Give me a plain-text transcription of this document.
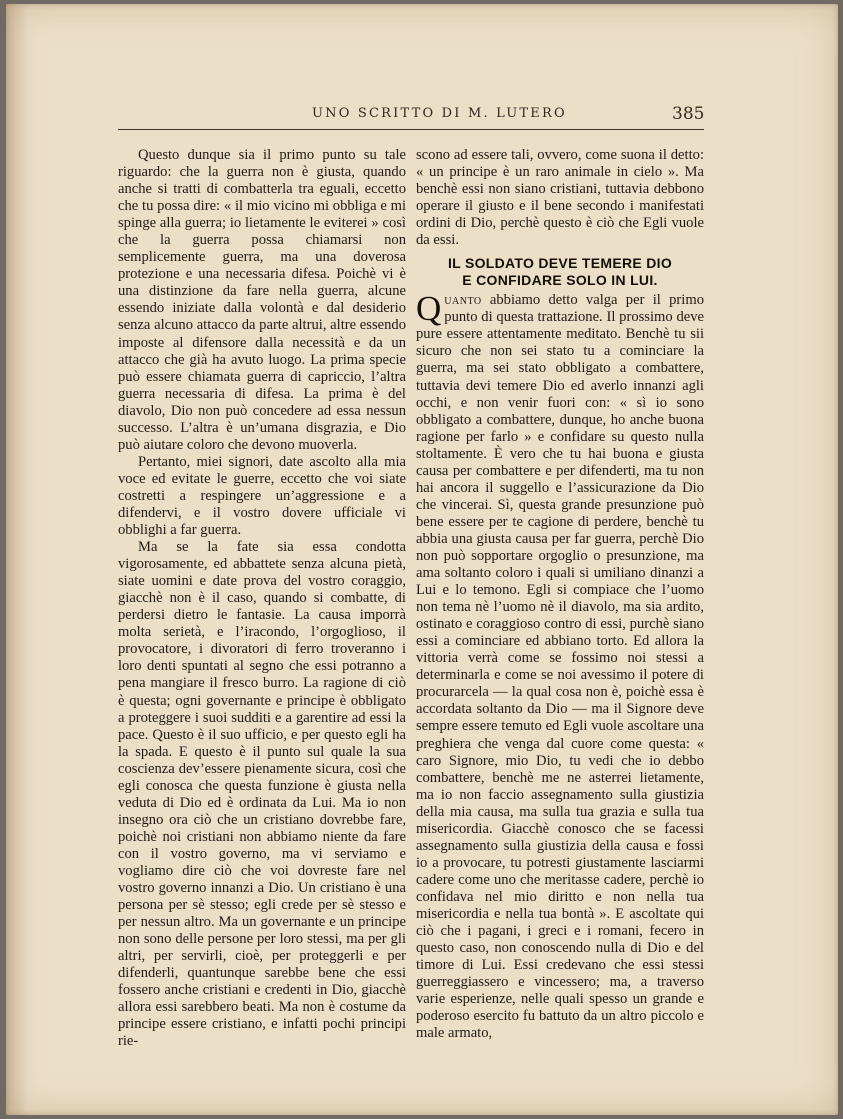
UNO SCRITTO DI M. LUTERO	385

Questo dunque sia il primo punto su tale riguardo: che la guerra non è giusta, quando anche si tratti di combatterla tra eguali, eccetto che tu possa dire: « il mio vicino mi obbliga e mi spinge alla guerra; io lietamente le eviterei » così che la guerra possa chiamarsi non semplicemente guerra, ma una doverosa protezione e una necessaria difesa. Poichè vi è una distinzione da fare nella guerra, alcune essendo iniziate dalla volontà e dal desiderio senza alcuno attacco da parte altrui, altre essendo imposte al difensore dalla necessità e da un attacco che già ha avuto luogo. La prima specie può essere chiamata guerra di capriccio, l’altra guerra necessaria di difesa. La prima è del diavolo, Dio non può concedere ad essa nessun successo. L’altra è un’umana disgrazia, e Dio può aiutare coloro che devono muoverla.

Pertanto, miei signori, date ascolto alla mia voce ed evitate le guerre, eccetto che voi siate costretti a respingere un’aggressione e a difendervi, e il vostro dovere ufficiale vi obblighi a far guerra.

Ma se la fate sia essa condotta vigorosamente, ed abbattete senza alcuna pietà, siate uomini e date prova del vostro coraggio, giacchè non è il caso, quando si combatte, di perdersi dietro le fantasie. La causa imporrà molta serietà, e l’iracondo, l’orgoglioso, il provocatore, i divoratori di ferro troveranno i loro denti spuntati al segno che essi potranno a pena mangiare il fresco burro. La ragione di ciò è questa; ogni governante e principe è obbligato a proteggere i suoi sudditi e a garentire ad essi la pace. Questo è il suo ufficio, e per questo egli ha la spada. E questo è il punto sul quale la sua coscienza dev’essere pienamente sicura, così che egli conosca che questa funzione è giusta nella veduta di Dio ed è ordinata da Lui. Ma io non insegno ora ciò che un cristiano dovrebbe fare, poichè noi cristiani non abbiamo niente da fare con il vostro governo, ma vi serviamo e vogliamo dire ciò che voi dovreste fare nel vostro governo innanzi a Dio. Un cristiano è una persona per sè stesso; egli crede per sè stesso e per nessun altro. Ma un governante e un principe non sono delle persone per loro stessi, ma per gli altri, per servirli, cioè, per proteggerli e per difenderli, quantunque sarebbe bene che essi fossero anche cristiani e credenti in Dio, giacchè allora essi sarebbero beati. Ma non è costume da principe essere cristiano, e infatti pochi principi rie-

scono ad essere tali, ovvero, come suona il detto: « un principe è un raro animale in cielo ». Ma benchè essi non siano cristiani, tuttavia debbono operare il giusto e il bene secondo i manifestati ordini di Dio, perchè questo è ciò che Egli vuole da essi.

IL SOLDATO DEVE TEMERE DIO
E CONFIDARE SOLO IN LUI.

Quanto abbiamo detto valga per il primo punto di questa trattazione. Il prossimo deve pure essere attentamente meditato. Benchè tu sii sicuro che non sei stato tu a cominciare la guerra, ma sei stato obbligato a combattere, tuttavia devi temere Dio ed averlo innanzi agli occhi, e non venir fuori con: « sì io sono obbligato a combattere, dunque, ho anche buona ragione per farlo » e confidare su questo nulla stoltamente. È vero che tu hai buona e giusta causa per combattere e per difenderti, ma tu non hai ancora il suggello e l’assicurazione da Dio che vincerai. Sì, questa grande presunzione può bene essere per te cagione di perdere, benchè tu abbia una giusta causa per far guerra, perchè Dio non può sopportare orgoglio o presunzione, ma ama soltanto coloro i quali si umiliano dinanzi a Lui e lo temono. Egli si compiace che l’uomo non tema nè l’uomo nè il diavolo, ma sia ardito, ostinato e coraggioso contro di essi, purchè siano essi a cominciare ed abbiano torto. Ed allora la vittoria verrà come se fossimo noi stessi a determinarla e come se noi avessimo il potere di procurarcela — la qual cosa non è, poichè essa è accordata soltanto da Dio — ma il Signore deve sempre essere temuto ed Egli vuole ascoltare una preghiera che venga dal cuore come questa: « caro Signore, mio Dio, tu vedi che io debbo combattere, benchè me ne asterrei lietamente, ma io non faccio assegnamento sulla giustizia della mia causa, ma sulla tua grazia e sulla tua misericordia. Giacchè conosco che se facessi assegnamento sulla giustizia della causa e fossi io a provocare, tu potresti giustamente lasciarmi cadere come uno che meritasse cadere, perchè io confidava nel mio diritto e non nella tua misericordia e nella tua bontà ». E ascoltate qui ciò che i pagani, i greci e i romani, fecero in questo caso, non conoscendo nulla di Dio e del timore di Lui. Essi credevano che essi stessi guerreggiassero e vincessero; ma, a traverso varie esperienze, nelle quali spesso un grande e poderoso esercito fu battuto da un altro piccolo e male armato,
